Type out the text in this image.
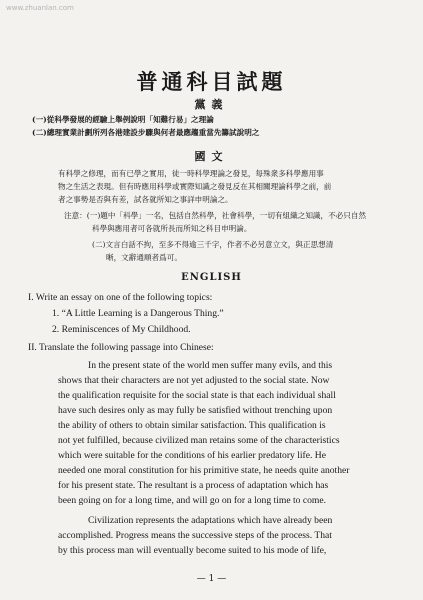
www.zhuanlan.com
普通科目試題
黨義
(一)從科學發展的經驗上舉例說明「知難行易」之理論
(二)總理實業計劃所列各港建設步驟與何者最應趨重當先籌試說明之
國文
有科學之修理，而有已學之實用，徒一時科學理論之發見，每殊衆多科學應用事
物之生活之表現。但有時應用科學或實際知識之發見反在其相關理論科學之前，前
者之事勢是否與有差，試各就所知之事詳申明論之。
注意：(一)題中「科學」一名，包括自然科學，社會科學，一切有組織之知識，不必只自然
科學與應用者可各就所長而所知之科目申明論。
(二)文言白話不拘，至多不得逾三千字，作者不必另意立文，與正思想清
晰，文辭通順者爲可。
ENGLISH
I. Write an essay on one of the following topics:
1. “A Little Learning is a Dangerous Thing.”
2. Reminiscences of My Childhood.
II. Translate the following passage into Chinese:
In the present state of the world men suffer many evils, and this
shows that their characters are not yet adjusted to the social state. Now
the qualification requisite for the social state is that each individual shall
have such desires only as may fully be satisfied without trenching upon
the ability of others to obtain similar satisfaction. This qualification is
not yet fulfilled, because civilized man retains some of the characteristics
which were suitable for the conditions of his earlier predatory life. He
needed one moral constitution for his primitive state, he needs quite another
for his present state. The resultant is a process of adaptation which has
been going on for a long time, and will go on for a long time to come.
Civilization represents the adaptations which have already been
accomplished. Progress means the successive steps of the process. That
by this process man will eventually become suited to his mode of life,
— 1 —
